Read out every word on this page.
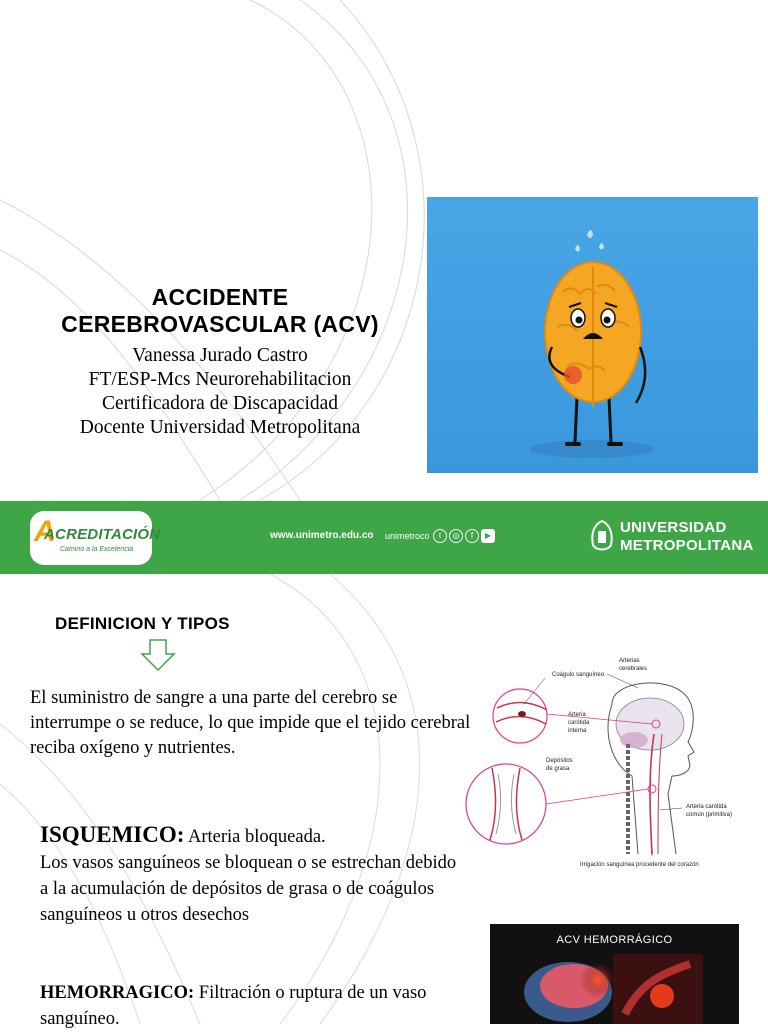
ACCIDENTE
CEREBROVASCULAR (ACV)
Vanessa Jurado Castro
FT/ESP-Mcs Neurorehabilitacion
Certificadora de Discapacidad
Docente Universidad Metropolitana
A
ACREDITACIÓN
Camino a la Excelencia
www.unimetro.edu.co unimetroco	t	◎	f	▶	UNIVERSIDAD
METROPOLITANA
DEFINICION Y TIPOS
El suministro de sangre a una parte del cerebro se interrumpe o se reduce, lo que impide que el tejido cerebral reciba oxígeno y nutrientes.
ISQUEMICO: Arteria bloqueada.
Los vasos sanguíneos se bloquean o se estrechan debido a la acumulación de depósitos de grasa o de coágulos sanguíneos u otros desechos
HEMORRAGICO: Filtración o ruptura de un vaso sanguíneo.
Arterias
cerebrales
Coágulo sanguíneo
Arteria
carótida
interna
Depósitos
de grasa
Arteria carótida
común (primitiva)
Irrigación sanguínea procedente del corazón
ACV HEMORRÁGICO
